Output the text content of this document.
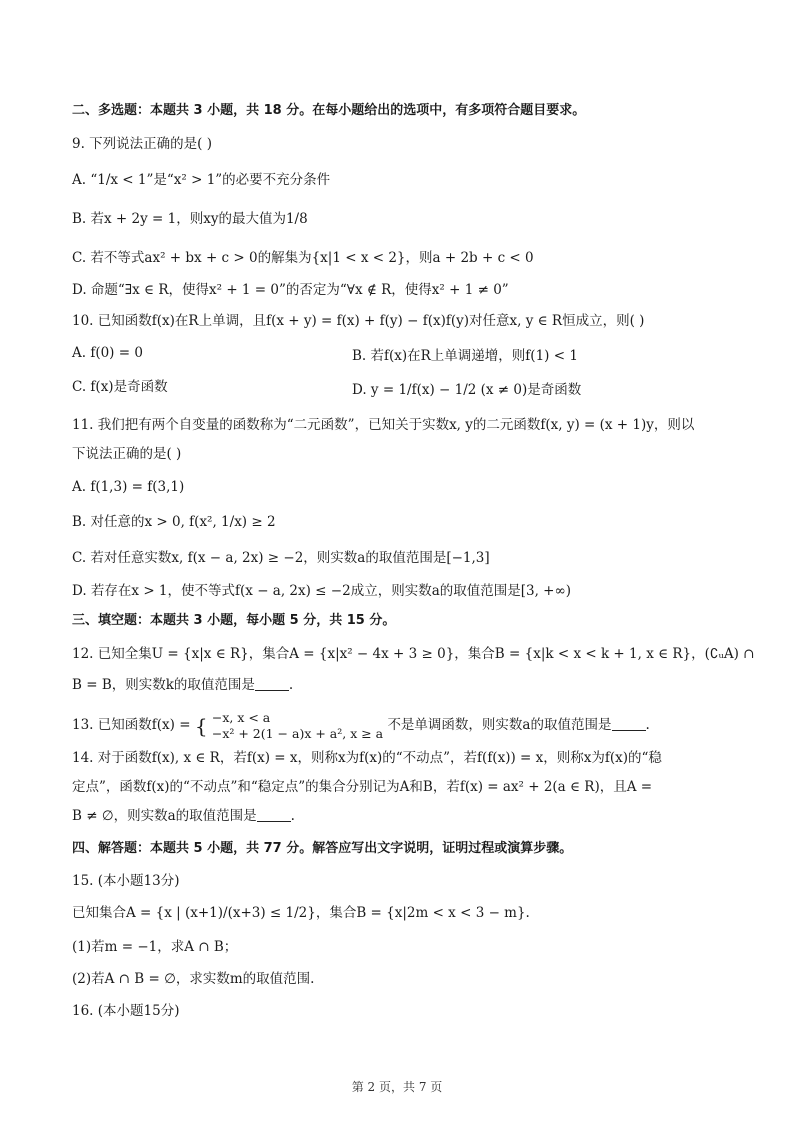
二、多选题：本题共 3 小题，共 18 分。在每小题给出的选项中，有多项符合题目要求。
9. 下列说法正确的是( )
A. “1/x < 1”是“x² > 1”的必要不充分条件
B. 若x + 2y = 1，则xy的最大值为1/8
C. 若不等式ax² + bx + c > 0的解集为{x|1 < x < 2}，则a + 2b + c < 0
D. 命题“∃x ∈ R，使得x² + 1 = 0”的否定为“∀x ∉ R，使得x² + 1 ≠ 0”
10. 已知函数f(x)在R上单调，且f(x + y) = f(x) + f(y) − f(x)f(y)对任意x, y ∈ R恒成立，则( )
A. f(0) = 0	B. 若f(x)在R上单调递增，则f(1) < 1
C. f(x)是奇函数	D. y = 1/f(x) − 1/2 (x ≠ 0)是奇函数
11. 我们把有两个自变量的函数称为“二元函数”，已知关于实数x, y的二元函数f(x, y) = (x + 1)y，则以
下说法正确的是( )
A. f(1,3) = f(3,1)
B. 对任意的x > 0, f(x², 1/x) ≥ 2
C. 若对任意实数x, f(x − a, 2x) ≥ −2，则实数a的取值范围是[−1,3]
D. 若存在x > 1，使不等式f(x − a, 2x) ≤ −2成立，则实数a的取值范围是[3, +∞)
三、填空题：本题共 3 小题，每小题 5 分，共 15 分。
12. 已知全集U = {x|x ∈ R}，集合A = {x|x² − 4x + 3 ≥ 0}，集合B = {x|k < x < k + 1, x ∈ R}，(∁ᵤA) ∩
B = B，则实数k的取值范围是	.
13. 已知函数f(x) = { −x, x < a
−x² + 2(1 − a)x + a², x ≥ a 不是单调函数，则实数a的取值范围是	.
14. 对于函数f(x), x ∈ R，若f(x) = x，则称x为f(x)的“不动点”，若f(f(x)) = x，则称x为f(x)的“稳
定点”，函数f(x)的“不动点”和“稳定点”的集合分别记为A和B，若f(x) = ax² + 2(a ∈ R)，且A =
B ≠ ∅，则实数a的取值范围是	.
四、解答题：本题共 5 小题，共 77 分。解答应写出文字说明，证明过程或演算步骤。
15. (本小题13分)
已知集合A = {x | (x+1)/(x+3) ≤ 1/2}，集合B = {x|2m < x < 3 − m}.
(1)若m = −1，求A ∩ B；
(2)若A ∩ B = ∅，求实数m的取值范围.
16. (本小题15分)
第 2 页，共 7 页
